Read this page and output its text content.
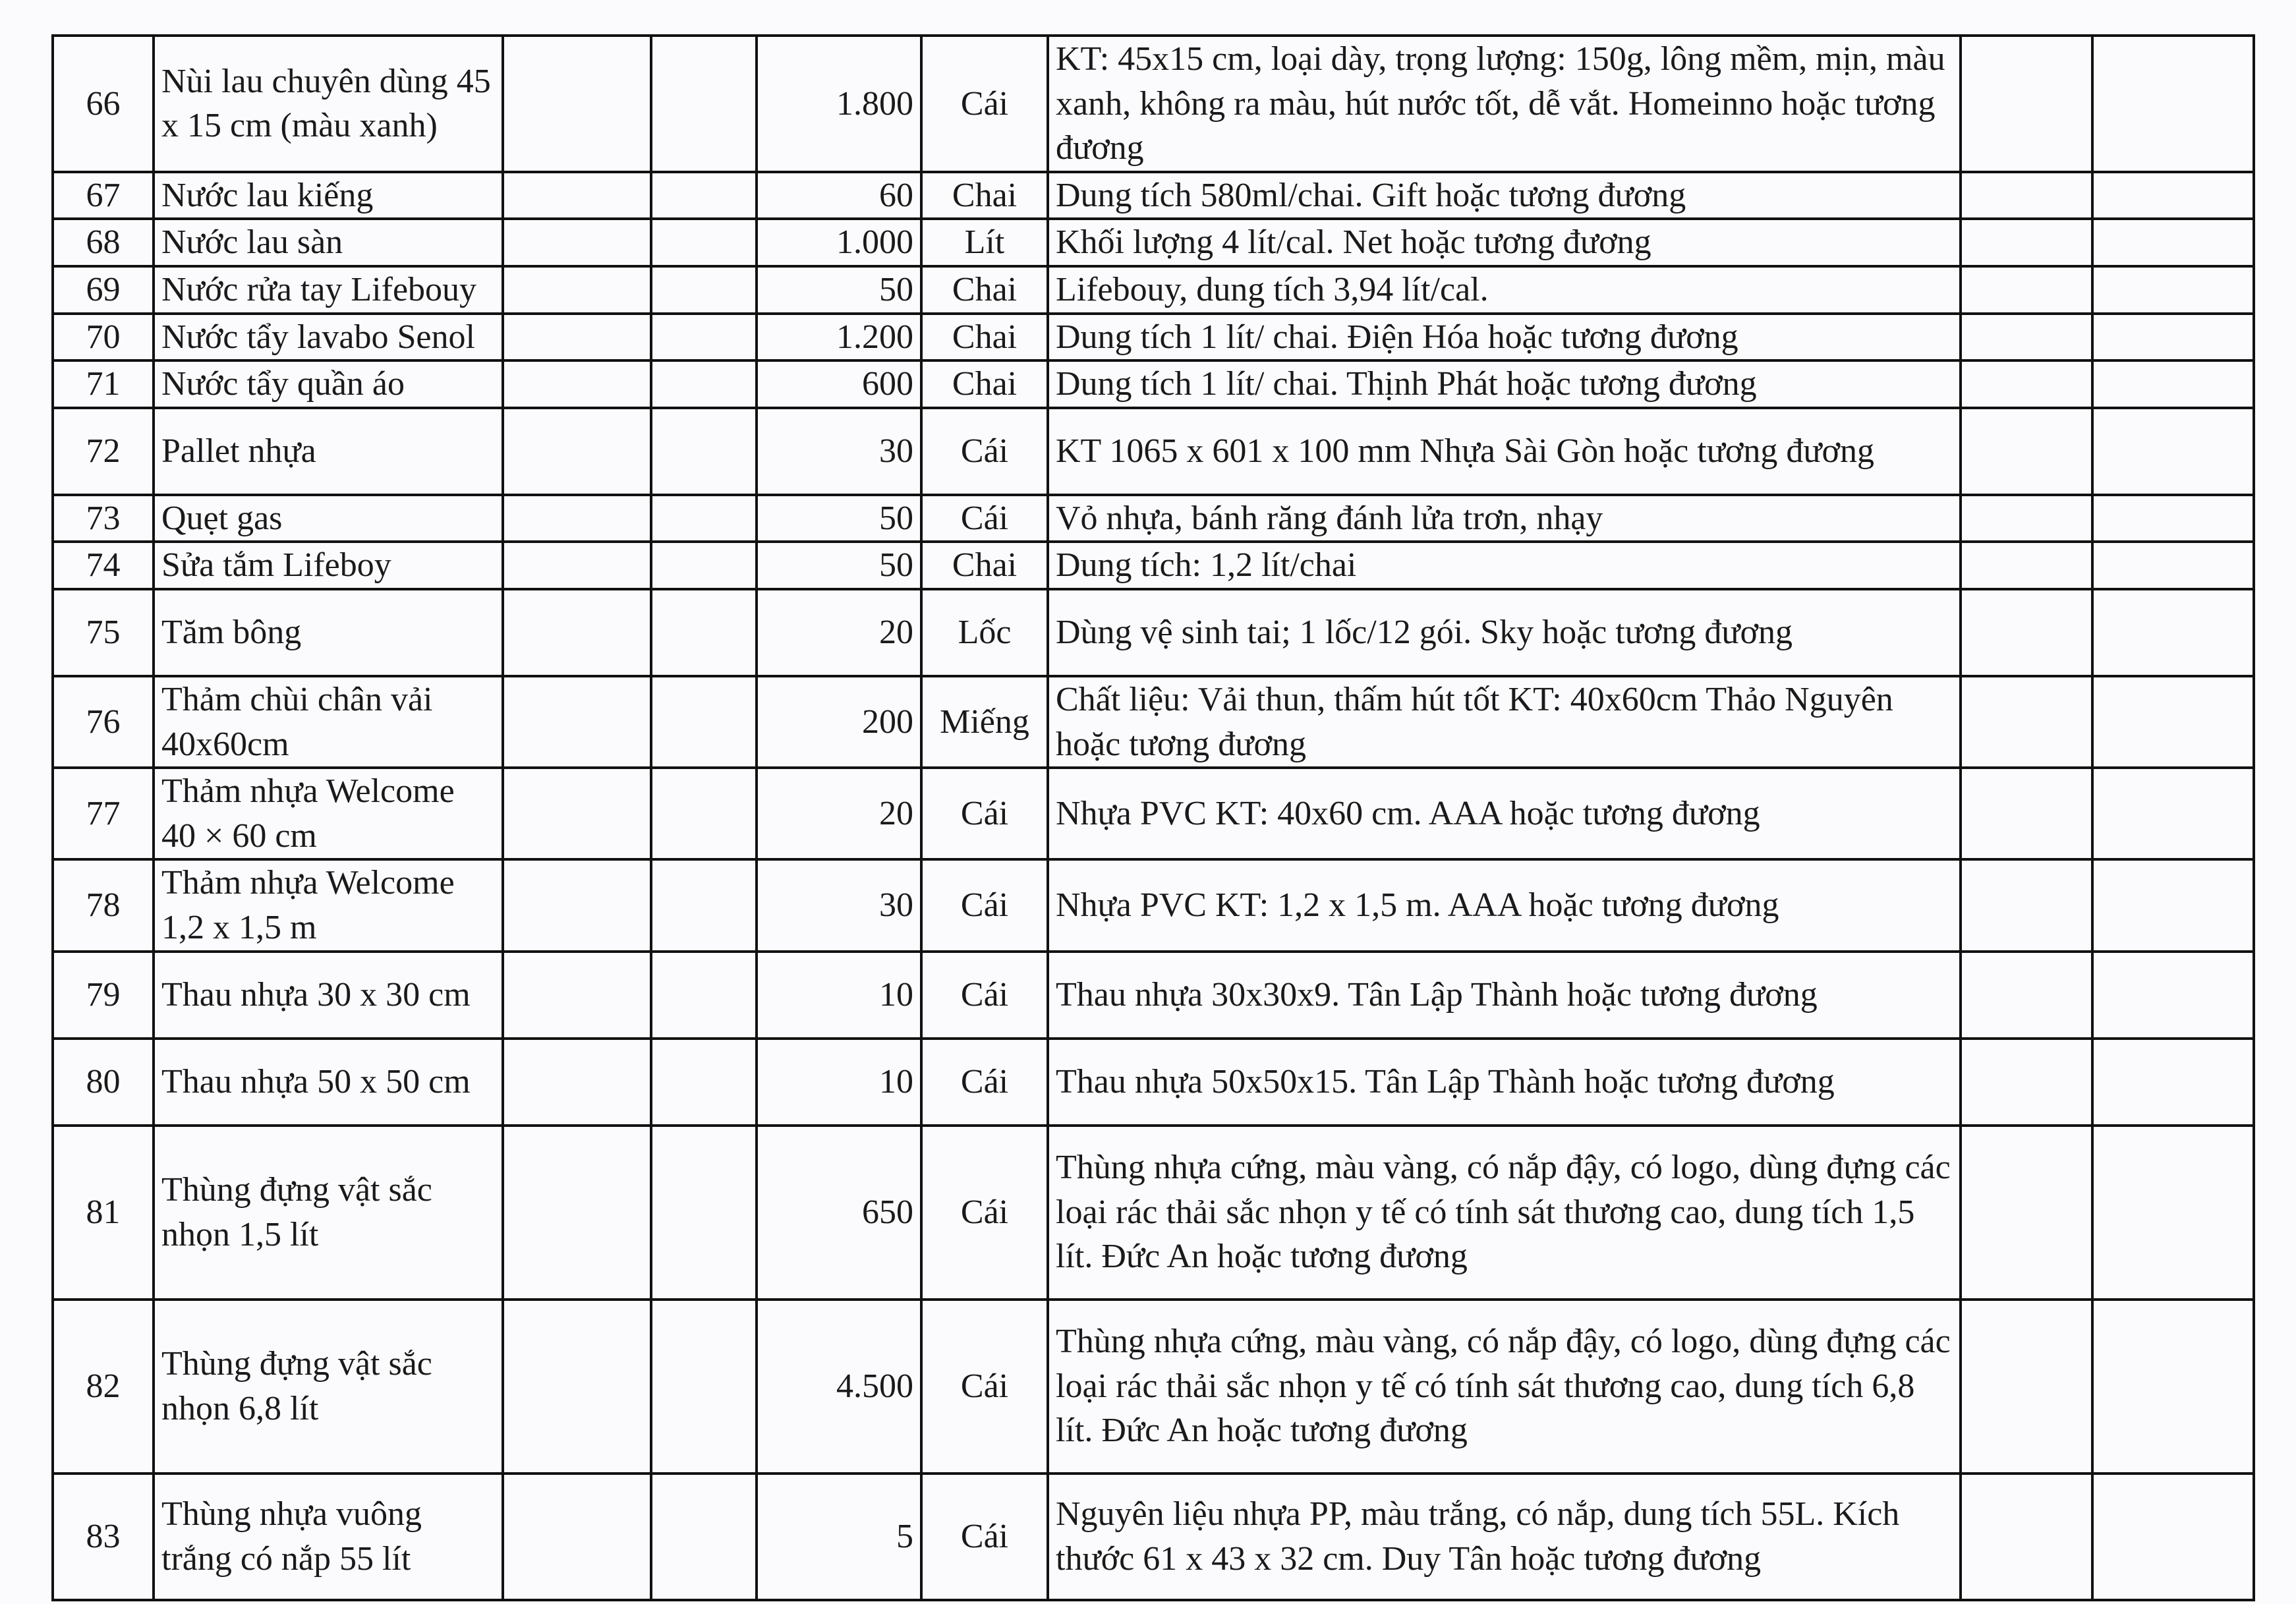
66	Nùi lau chuyên dùng 45 x 15 cm (màu xanh)			1.800	Cái	KT: 45x15 cm, loại dày, trọng lượng: 150g, lông mềm, mịn, màu xanh, không ra màu, hút nước tốt, dễ vắt. Homeinno hoặc tương đương		
67	Nước lau kiếng			60	Chai	Dung tích 580ml/chai. Gift hoặc tương đương		
68	Nước lau sàn			1.000	Lít	Khối lượng 4 lít/cal. Net hoặc tương đương		
69	Nước rửa tay Lifebouy			50	Chai	Lifebouy, dung tích 3,94 lít/cal.		
70	Nước tẩy lavabo Senol			1.200	Chai	Dung tích 1 lít/ chai. Điện Hóa hoặc tương đương		
71	Nước tẩy quần áo			600	Chai	Dung tích 1 lít/ chai. Thịnh Phát hoặc tương đương		
72	Pallet nhựa			30	Cái	KT 1065 x 601 x 100 mm Nhựa Sài Gòn hoặc tương đương		
73	Quẹt gas			50	Cái	Vỏ nhựa, bánh răng đánh lửa trơn, nhạy		
74	Sửa tắm Lifeboy			50	Chai	Dung tích: 1,2 lít/chai		
75	Tăm bông			20	Lốc	Dùng vệ sinh tai; 1 lốc/12 gói. Sky hoặc tương đương		
76	Thảm chùi chân vải 40x60cm			200	Miếng	Chất liệu: Vải thun, thấm hút tốt KT: 40x60cm Thảo Nguyên hoặc tương đương		
77	Thảm nhựa Welcome 40 × 60 cm			20	Cái	Nhựa PVC KT: 40x60 cm. AAA hoặc tương đương		
78	Thảm nhựa Welcome 1,2 x 1,5 m			30	Cái	Nhựa PVC KT: 1,2 x 1,5 m. AAA hoặc tương đương		
79	Thau nhựa 30 x 30 cm			10	Cái	Thau nhựa 30x30x9. Tân Lập Thành hoặc tương đương		
80	Thau nhựa 50 x 50 cm			10	Cái	Thau nhựa 50x50x15. Tân Lập Thành hoặc tương đương		
81	Thùng đựng vật sắc nhọn 1,5 lít			650	Cái	Thùng nhựa cứng, màu vàng, có nắp đậy, có logo, dùng đựng các loại rác thải sắc nhọn y tế có tính sát thương cao, dung tích 1,5 lít. Đức An hoặc tương đương		
82	Thùng đựng vật sắc nhọn 6,8 lít			4.500	Cái	Thùng nhựa cứng, màu vàng, có nắp đậy, có logo, dùng đựng các loại rác thải sắc nhọn y tế có tính sát thương cao, dung tích 6,8 lít. Đức An hoặc tương đương		
83	Thùng nhựa vuông trắng có nắp 55 lít			5	Cái	Nguyên liệu nhựa PP, màu trắng, có nắp, dung tích 55L. Kích thước 61 x 43 x 32 cm. Duy Tân hoặc tương đương		
